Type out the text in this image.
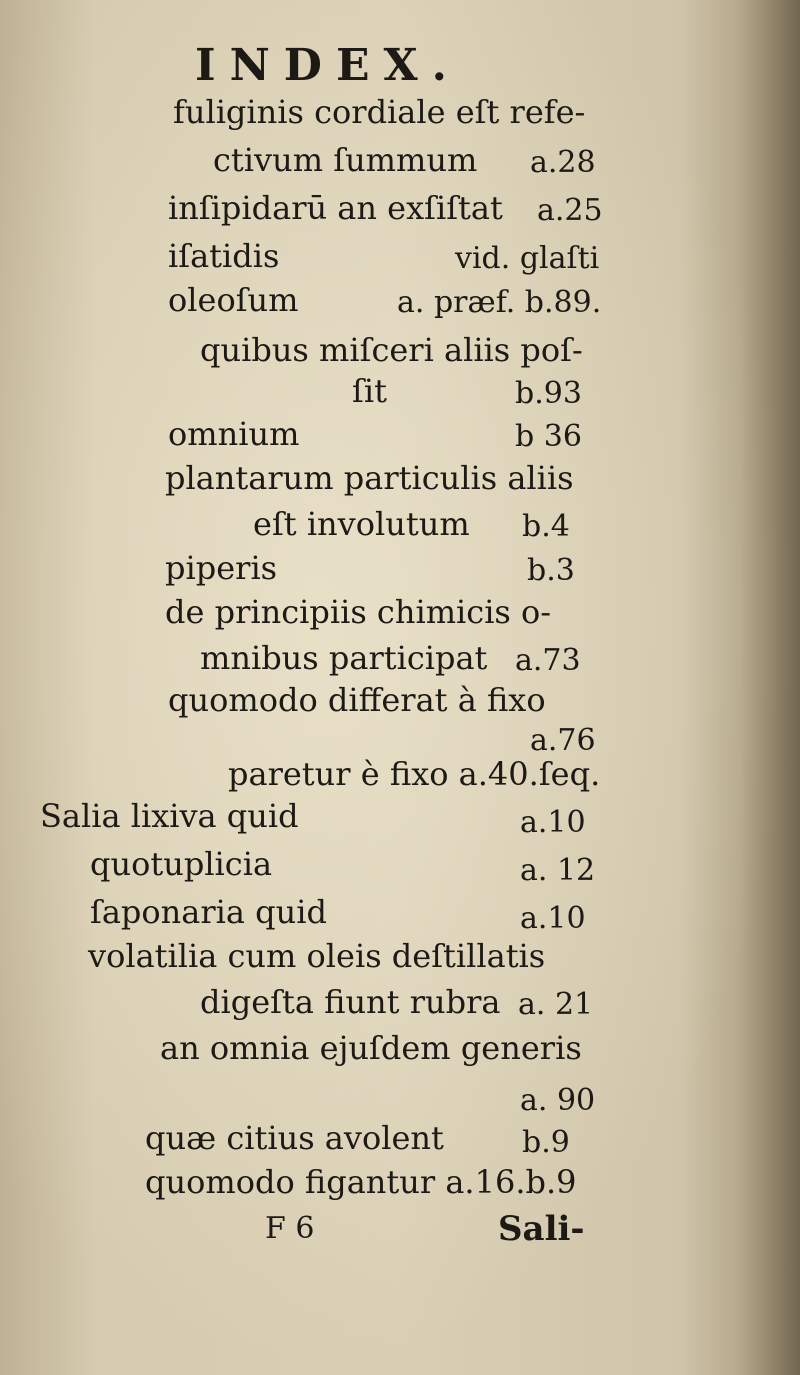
INDEX.
fuliginis cordiale eſt refe-
ctivum ſummum a.28
inſipidarū an exſiſtat a.25
iſatidis	vid. glaſti
oleoſum	a. præf. b.89.
quibus miſceri aliis poſ-
ſit	b.93
omnium	b 36
plantarum particulis aliis
eſt involutum b.4
piperis	b.3
de principiis chimicis o-
mnibus participat a.73
quomodo differat à fixo
a.76
paretur è fixo a.40.ſeq.
Salia lixiva quid	a.10
quotuplicia	a. 12
ſaponaria quid	a.10
volatilia cum oleis deſtillatis
digeſta fiunt rubra a. 21
an omnia ejuſdem generis
a. 90
quæ citius avolent	b.9
quomodo figantur a.16.b.9
F 6	Sali-
